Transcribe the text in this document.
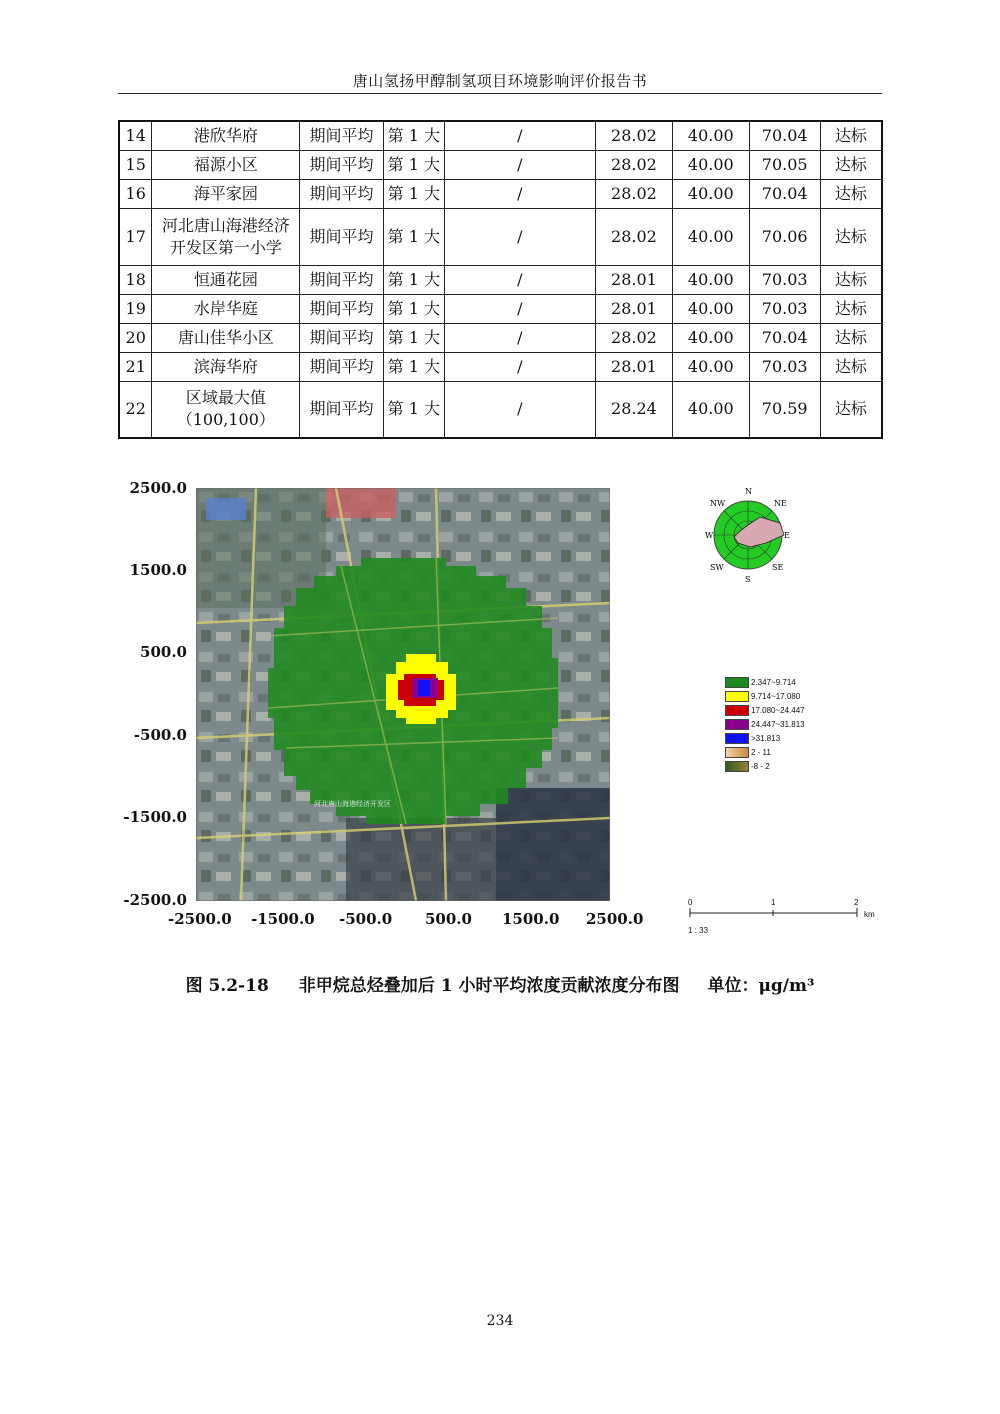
唐山氢扬甲醇制氢项目环境影响评价报告书
14	港欣华府	期间平均	第 1 大	/	28.02	40.00	70.04	达标
15	福源小区	期间平均	第 1 大	/	28.02	40.00	70.05	达标
16	海平家园	期间平均	第 1 大	/	28.02	40.00	70.04	达标
17	河北唐山海港经济
开发区第一小学	期间平均	第 1 大	/	28.02	40.00	70.06	达标
18	恒通花园	期间平均	第 1 大	/	28.01	40.00	70.03	达标
19	水岸华庭	期间平均	第 1 大	/	28.01	40.00	70.03	达标
20	唐山佳华小区	期间平均	第 1 大	/	28.02	40.00	70.04	达标
21	滨海华府	期间平均	第 1 大	/	28.01	40.00	70.03	达标
22	区域最大值
（100,100）	期间平均	第 1 大	/	28.24	40.00	70.59	达标
河北唐山海港经济开发区
2500.0
1500.0
500.0
-500.0
-1500.0
-2500.0
-2500.0 -1500.0 -500.0 500.0 1500.0 2500.0
N
NE
E
SE
S
SW
W
NW
2.347~9.714
9.714~17.080
17.080~24.447
24.447~31.813
>31.813
2 - 11
-8 - 2
0	1	2
km
1 : 33
图 5.2-18 非甲烷总烃叠加后 1 小时平均浓度贡献浓度分布图 单位：μg/m³
234
